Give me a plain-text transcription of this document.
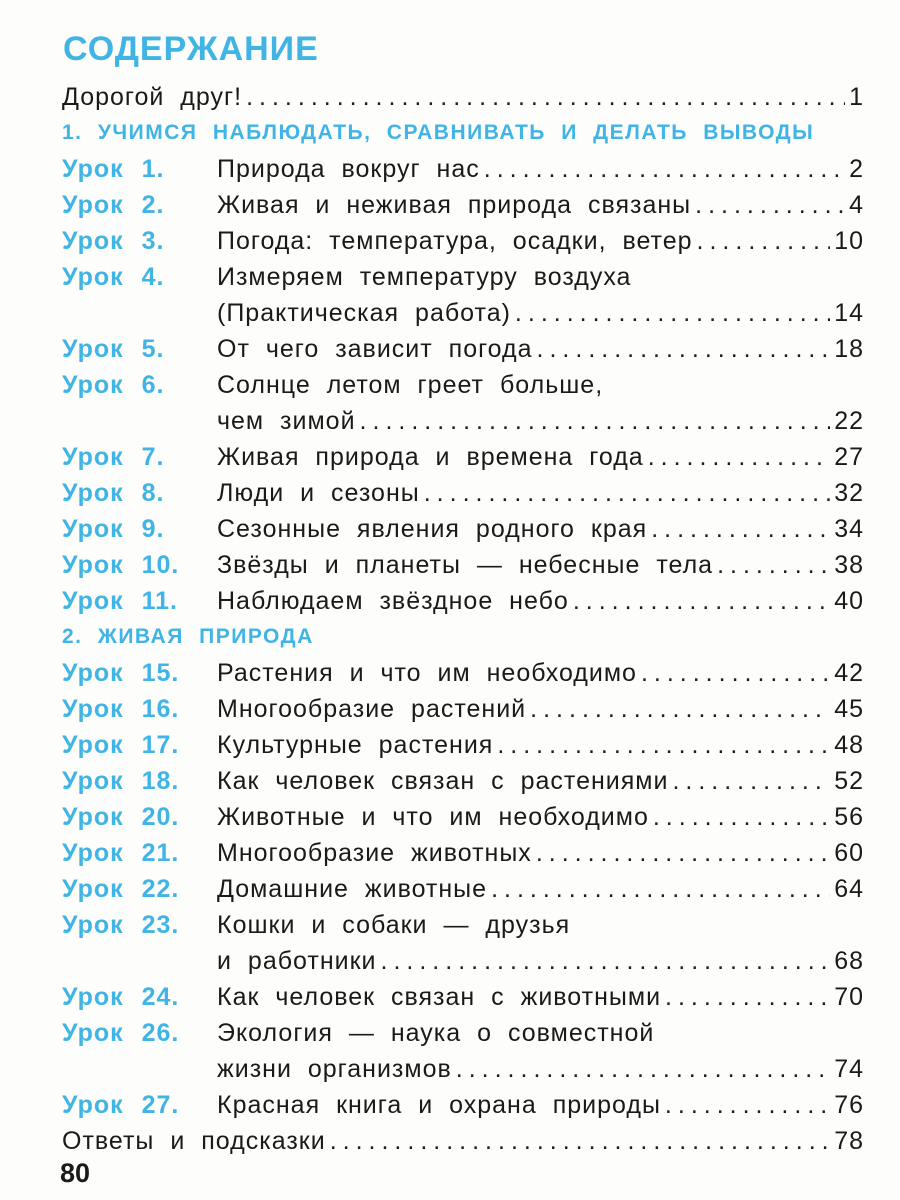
СОДЕРЖАНИЕ
Дорогой друг! .....	1
1. УЧИМСЯ НАБЛЮДАТЬ, СРАВНИВАТЬ И ДЕЛАТЬ ВЫВОДЫ
Урок 1.	Природа вокруг нас .....	2
Урок 2.	Живая и неживая природа связаны .....	4
Урок 3.	Погода: температура, осадки, ветер .....	10
Урок 4.	Измеряем температуру воздуха
(Практическая работа) .....	14
Урок 5.	От чего зависит погода .....	18
Урок 6.	Солнце летом греет больше,
чем зимой .....	22
Урок 7.	Живая природа и времена года .....	27
Урок 8.	Люди и сезоны .....	32
Урок 9.	Сезонные явления родного края .....	34
Урок 10.	Звёзды и планеты — небесные тела .....	38
Урок 11.	Наблюдаем звёздное небо .....	40
2. ЖИВАЯ ПРИРОДА
Урок 15.	Растения и что им необходимо .....	42
Урок 16.	Многообразие растений .....	45
Урок 17.	Культурные растения .....	48
Урок 18.	Как человек связан с растениями .....	52
Урок 20.	Животные и что им необходимо .....	56
Урок 21.	Многообразие животных .....	60
Урок 22.	Домашние животные .....	64
Урок 23.	Кошки и собаки — друзья
и работники .....	68
Урок 24.	Как человек связан с животными .....	70
Урок 26.	Экология — наука о совместной
жизни организмов .....	74
Урок 27.	Красная книга и охрана природы .....	76
Ответы и подсказки .....	78
80
